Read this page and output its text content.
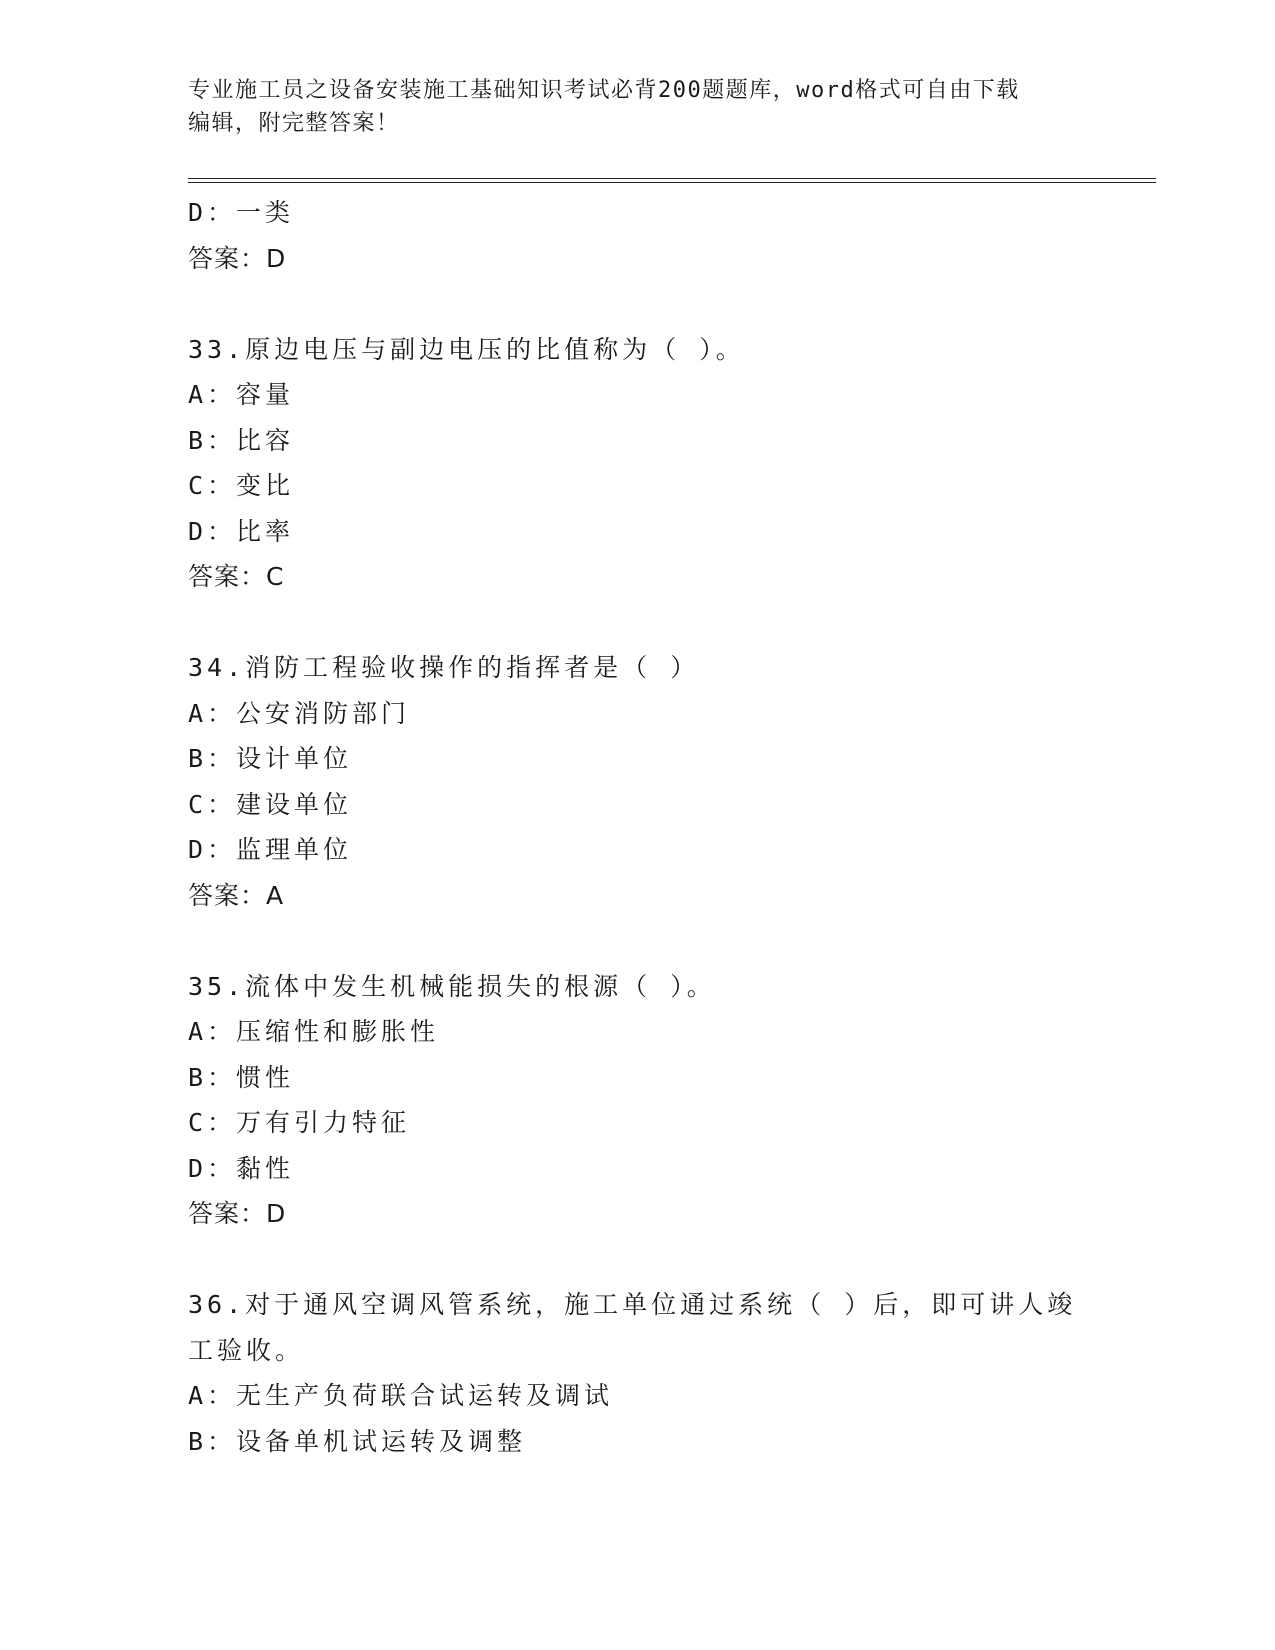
专业施工员之设备安装施工基础知识考试必背200题题库，word格式可自由下载
编辑，附完整答案！
D：一类
答案：D
33.原边电压与副边电压的比值称为（ ）。
A：容量
B：比容
C：变比
D：比率
答案：C
34.消防工程验收操作的指挥者是（ ）
A：公安消防部门
B：设计单位
C：建设单位
D：监理单位
答案：A
35.流体中发生机械能损失的根源（ ）。
A：压缩性和膨胀性
B：惯性
C：万有引力特征
D：黏性
答案：D
36.对于通风空调风管系统，施工单位通过系统（ ）后，即可讲人竣
工验收。
A：无生产负荷联合试运转及调试
B：设备单机试运转及调整
